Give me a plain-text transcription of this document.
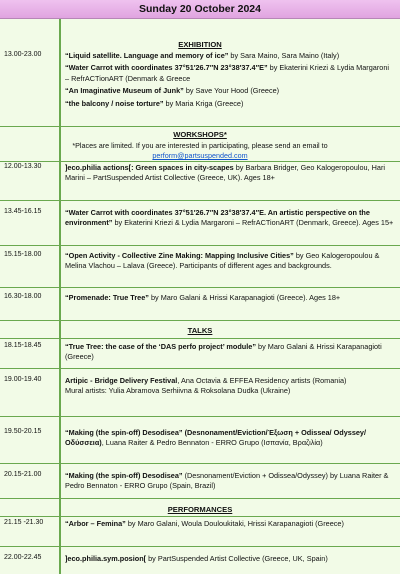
Sunday 20 October 2024
EXHIBITION
13.00-23.00	“Liquid satellite. Language and memory of ice” by Sara Maino, Sara Maino (Italy)

“Water Carrot with coordinates 37°51′26.7″N 23°38′37.4″E” by Ekaterini Kriezi & Lydia Margaroni – RefrACTionART (Denmark & Greece

“An Imaginative Museum of Junk” by Save Your Hood (Greece)

“the balcony / noise torture” by Maria Kriga (Greece)

WORKSHOPS*
*Places are limited. If you are interested in participating, please send an email to
perform@partsuspended.com
12.00-13.30	]eco.philia actions[: Green spaces in city-scapes by Barbara Bridger, Geo Kalogeropoulou, Hari Marini – PartSuspended Artist Collective (Greece, UK). Ages 18+
13.45-16.15	“Water Carrot with coordinates 37°51′26.7″N 23°38′37.4″E. An artistic perspective on the environment” by Ekaterini Kriezi & Lydia Margaroni – RefrACTionART (Denmark, Greece). Ages 15+
15.15-18.00	“Open Activity - Collective Zine Making: Mapping Inclusive Cities” by Geo Kalogeropoulou & Melina Vlachou – Lalava (Greece). Participants of different ages and backgrounds.
16.30-18.00	“Promenade: True Tree” by Maro Galani & Hrissi Karapanagioti (Greece). Ages 18+
TALKS
18.15-18.45	“True Tree: the case of the ‘DAS perfo project’ module” by Maro Galani & Hrissi Karapanagioti (Greece)
19.00-19.40	Artipic - Bridge Delivery Festival, Ana Octavia & EFFEA Residency artists (Romania)
Mural artists: Yulia Abramova Serhiivna & Roksolana Dudka (Ukraine)
19.50-20.15	“Making (the spin-off) Desodisea” (Desnonament/Eviction/Έξωση + Odissea/ Odyssey/Οδύσσεια), Luana Raiter & Pedro Bennaton - ERRO Grupo (Ισπανία, Βραζιλία)
20.15-21.00	“Making (the spin-off) Desodisea” (Desnonament/Eviction + Odissea/Odyssey) by Luana Raiter & Pedro Bennaton - ERRO Grupo (Spain, Brazil)
PERFORMANCES
21.15 -21.30	“Arbor – Femina” by Maro Galani, Woula Douloukitaki, Hrissi Karapanagioti (Greece)
22.00-22.45	]eco.philia.sym.posion[ by PartSuspended Artist Collective (Greece, UK, Spain)
